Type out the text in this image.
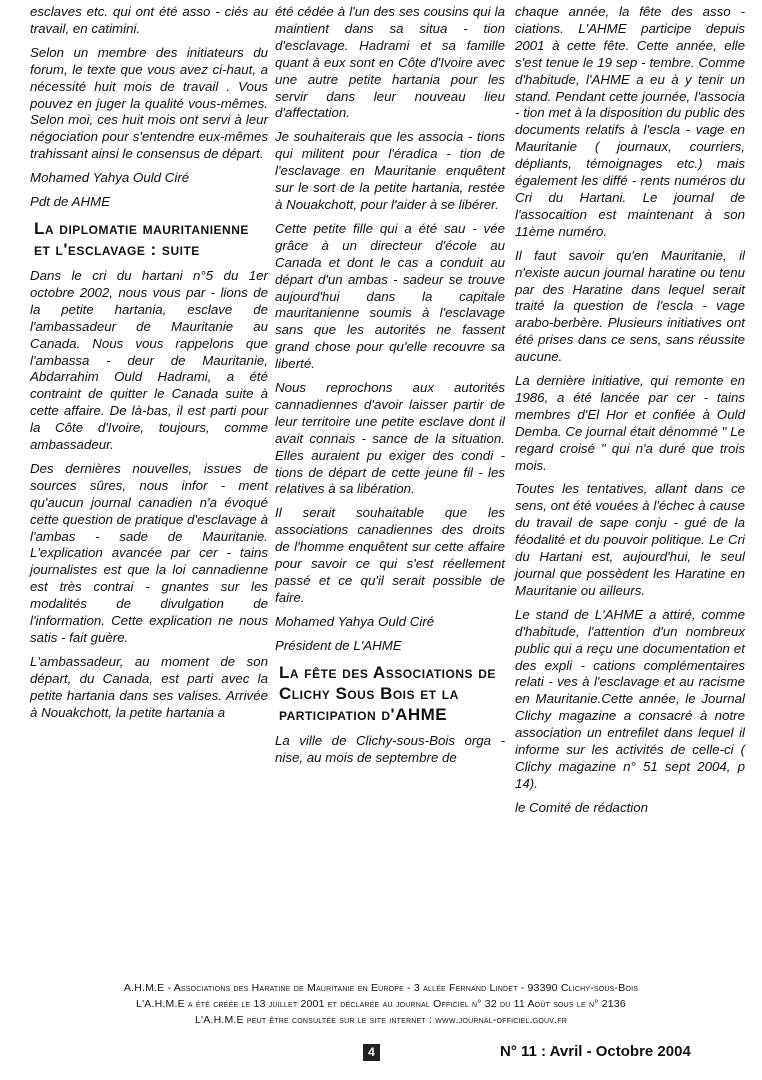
esclaves etc. qui ont été asso - ciés au travail, en catimini.

Selon un membre des initiateurs du forum, le texte que vous avez ci-haut, a nécessité huit mois de travail . Vous pouvez en juger la qualité vous-mêmes. Selon moi, ces huit mois ont servi à leur négociation pour s'entendre eux-mêmes trahissant ainsi le consensus de départ.

Mohamed Yahya Ould Ciré

Pdt de AHME

La diplomatie mauritanienne et l'esclavage : suite

Dans le cri du hartani n°5 du 1er octobre 2002, nous vous par - lions de la petite hartania, esclave de l'ambassadeur de Mauritanie au Canada. Nous vous rappelons que l'ambassa - deur de Mauritanie, Abdarrahim Ould Hadrami, a été contraint de quitter le Canada suite à cette affaire. De là-bas, il est parti pour la Côte d'Ivoire, toujours, comme ambassadeur.

Des dernières nouvelles, issues de sources sûres, nous infor - ment qu'aucun journal canadien n'a évoqué cette question de pratique d'esclavage à l'ambas - sade de Mauritanie. L'explication avancée par cer - tains journalistes est que la loi cannadienne est très contrai - gnantes sur les modalités de divulgation de l'information. Cette explication ne nous satis - fait guère.

L'ambassadeur, au moment de son départ, du Canada, est parti avec la petite hartania dans ses valises. Arrivée à Nouakchott, la petite hartania a

été cédée à l'un des ses cousins qui la maintient dans sa situa - tion d'esclavage. Hadrami et sa famille quant à eux sont en Côte d'Ivoire avec une autre petite hartania pour les servir dans leur nouveau lieu d'affectation.

Je souhaiterais que les associa - tions qui militent pour l'éradica - tion de l'esclavage en Mauritanie enquêtent sur le sort de la petite hartania, restée à Nouakchott, pour l'aider à se libérer.

Cette petite fille qui a été sau - vée grâce à un directeur d'école au Canada et dont le cas a conduit au départ d'un ambas - sadeur se trouve aujourd'hui dans la capitale mauritanienne soumis à l'esclavage sans que les autorités ne fassent grand chose pour qu'elle recouvre sa liberté.

Nous reprochons aux autorités cannadiennes d'avoir laisser partir de leur territoire une petite esclave dont il avait connais - sance de la situation. Elles auraient pu exiger des condi - tions de départ de cette jeune fil - les relatives à sa libération.

Il serait souhaitable que les associations canadiennes des droits de l'homme enquêtent sur cette affaire pour savoir ce qui s'est réellement passé et ce qu'il serait possible de faire.

Mohamed Yahya Ould Ciré

Président de L'AHME

La fête des Associations de Clichy Sous Bois et la participation d'AHME

La ville de Clichy-sous-Bois orga - nise, au mois de septembre de

chaque année, la fête des asso - ciations. L'AHME participe depuis 2001 à cette fête. Cette année, elle s'est tenue le 19 sep - tembre. Comme d'habitude, l'AHME a eu à y tenir un stand. Pendant cette journée, l'associa - tion met à la disposition du public des documents relatifs à l'escla - vage en Mauritanie ( journaux, courriers, dépliants, témoignages etc.) mais également les diffé - rents numéros du Cri du Hartani. Le journal de l'assocaition est maintenant à son 11ème numéro.

Il faut savoir qu'en Mauritanie, il n'existe aucun journal haratine ou tenu par des Haratine dans lequel serait traité la question de l'escla - vage arabo-berbère. Plusieurs initiatives ont été prises dans ce sens, sans réussite aucune.

La dernière initiative, qui remonte en 1986, a été lancée par cer - tains membres d'El Hor et confiée à Ould Demba. Ce journal était dénommé " Le regard croisé " qui n'a duré que trois mois.

Toutes les tentatives, allant dans ce sens, ont été vouées à l'échec à cause du travail de sape conju - gué de la féodalité et du pouvoir politique. Le Cri du Hartani est, aujourd'hui, le seul journal que possèdent les Haratine en Mauritanie ou ailleurs.

Le stand de L'AHME a attiré, comme d'habitude, l'attention d'un nombreux public qui a reçu une documentation et des expli - cations complémentaires relati - ves à l'esclavage et au racisme en Mauritanie.Cette année, le Journal Clichy magazine a consacré à notre association un entrefilet dans lequel il informe sur les activités de celle-ci ( Clichy magazine n° 51 sept 2004, p 14).

le Comité de rédaction

A.H.M.E - Associations des Haratine de Mauritanie en Europe - 3 allée Fernand Lindet - 93390 Clichy-sous-Bois
L'A.H.M.E a été créée le 13 juillet 2001 et déclarée au journal Officiel n° 32 du 11 Août sous le n° 2136
L'A.H.M.E peut être consultée sur le site internet : www.journal-officiel.gouv.fr
4	N° 11 : Avril - Octobre 2004
